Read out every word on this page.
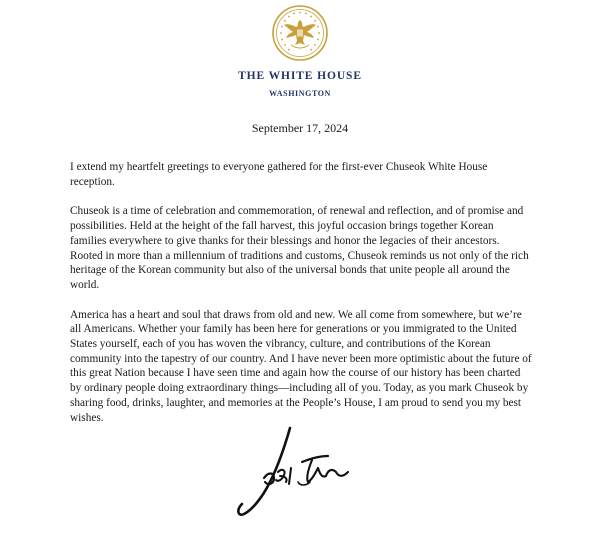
THE WHITE HOUSE
WASHINGTON
September 17, 2024

I extend my heartfelt greetings to everyone gathered for the first-ever Chuseok White House reception.

Chuseok is a time of celebration and commemoration, of renewal and reflection, and of promise and possibilities. Held at the height of the fall harvest, this joyful occasion brings together Korean families everywhere to give thanks for their blessings and honor the legacies of their ancestors. Rooted in more than a millennium of traditions and customs, Chuseok reminds us not only of the rich heritage of the Korean community but also of the universal bonds that unite people all around the world.

America has a heart and soul that draws from old and new. We all come from somewhere, but we’re all Americans. Whether your family has been here for generations or you immigrated to the United States yourself, each of you has woven the vibrancy, culture, and contributions of the Korean community into the tapestry of our country. And I have never been more optimistic about the future of this great Nation because I have seen time and again how the course of our history has been charted by ordinary people doing extraordinary things—including all of you. Today, as you mark Chuseok by sharing food, drinks, laughter, and memories at the People’s House, I am proud to send you my best wishes.
